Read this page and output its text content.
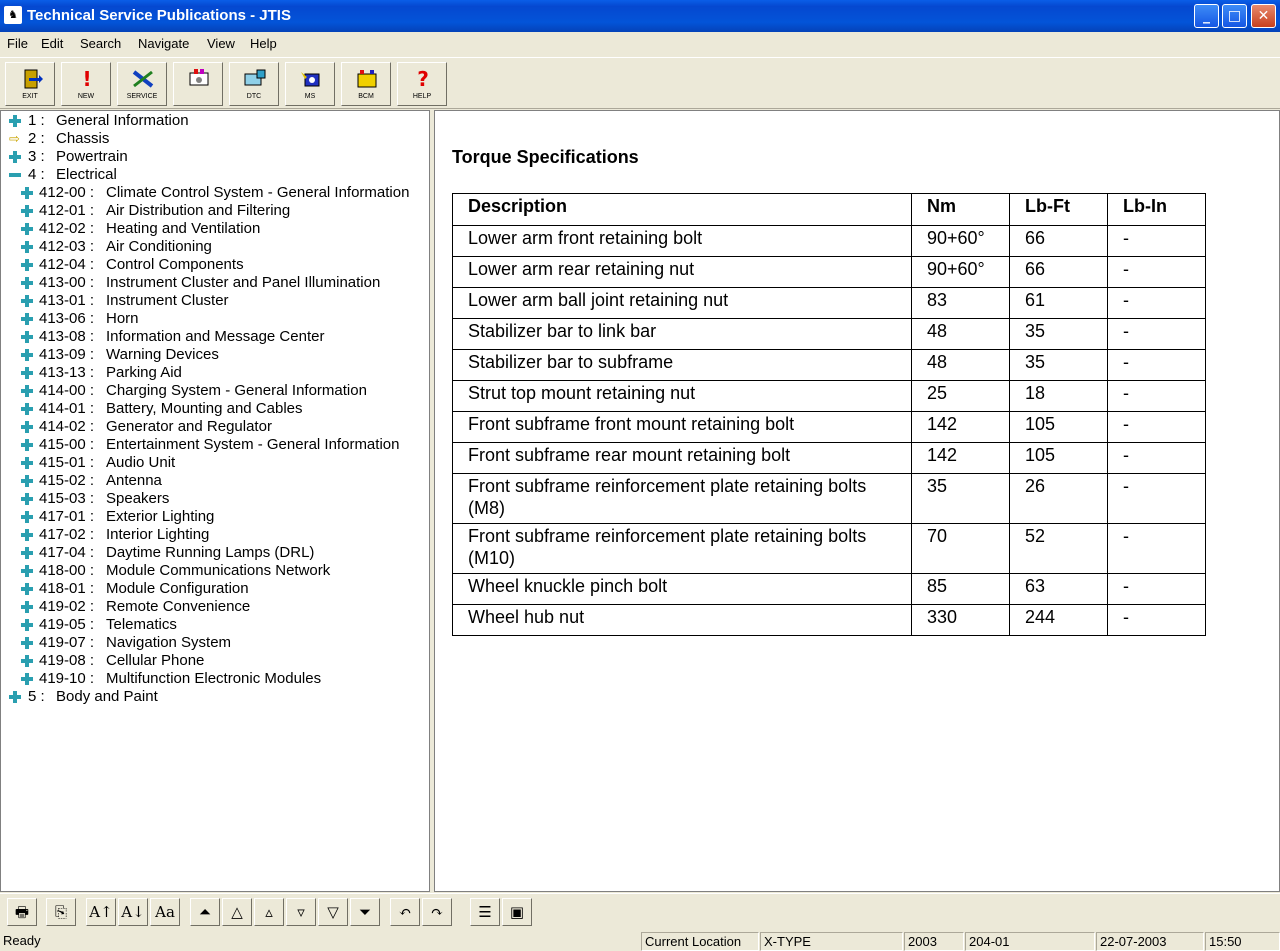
♞ Technical Service Publications - JTIS	_	□	✕
File Edit Search Navigate View Help
EXIT
!
NEW	SERVICE	DTC	MS	BCM
?
HELP
1 : General Information
⇨ 2 : Chassis
3 : Powertrain
4 : Electrical
412-00 : Climate Control System - General Information
412-01 : Air Distribution and Filtering
412-02 : Heating and Ventilation
412-03 : Air Conditioning
412-04 : Control Components
413-00 : Instrument Cluster and Panel Illumination
413-01 : Instrument Cluster
413-06 : Horn
413-08 : Information and Message Center
413-09 : Warning Devices
413-13 : Parking Aid
414-00 : Charging System - General Information
414-01 : Battery, Mounting and Cables
414-02 : Generator and Regulator
415-00 : Entertainment System - General Information
415-01 : Audio Unit
415-02 : Antenna
415-03 : Speakers
417-01 : Exterior Lighting
417-02 : Interior Lighting
417-04 : Daytime Running Lamps (DRL)
418-00 : Module Communications Network
418-01 : Module Configuration
419-02 : Remote Convenience
419-05 : Telematics
419-07 : Navigation System
419-08 : Cellular Phone
419-10 : Multifunction Electronic Modules
5 : Body and Paint
Torque Specifications
Description	Nm	Lb-Ft	Lb-In
Lower arm front retaining bolt	90+60°	66	-
Lower arm rear retaining nut	90+60°	66	-
Lower arm ball joint retaining nut	83	61	-
Stabilizer bar to link bar	48	35	-
Stabilizer bar to subframe	48	35	-
Strut top mount retaining nut	25	18	-
Front subframe front mount retaining bolt	142	105	-
Front subframe rear mount retaining bolt	142	105	-
Front subframe reinforcement plate retaining bolts (M8)	35	26	-
Front subframe reinforcement plate retaining bolts (M10)	70	52	-
Wheel knuckle pinch bolt	85	63	-
Wheel hub nut	330	244	-
🖶	⎘	A↑ A↓ Aa	⏶	△	▵	▿	▽	⏷	↶	↷	☰	▣
Ready	Current Location	X-TYPE	2003	204-01	22-07-2003	15:50
